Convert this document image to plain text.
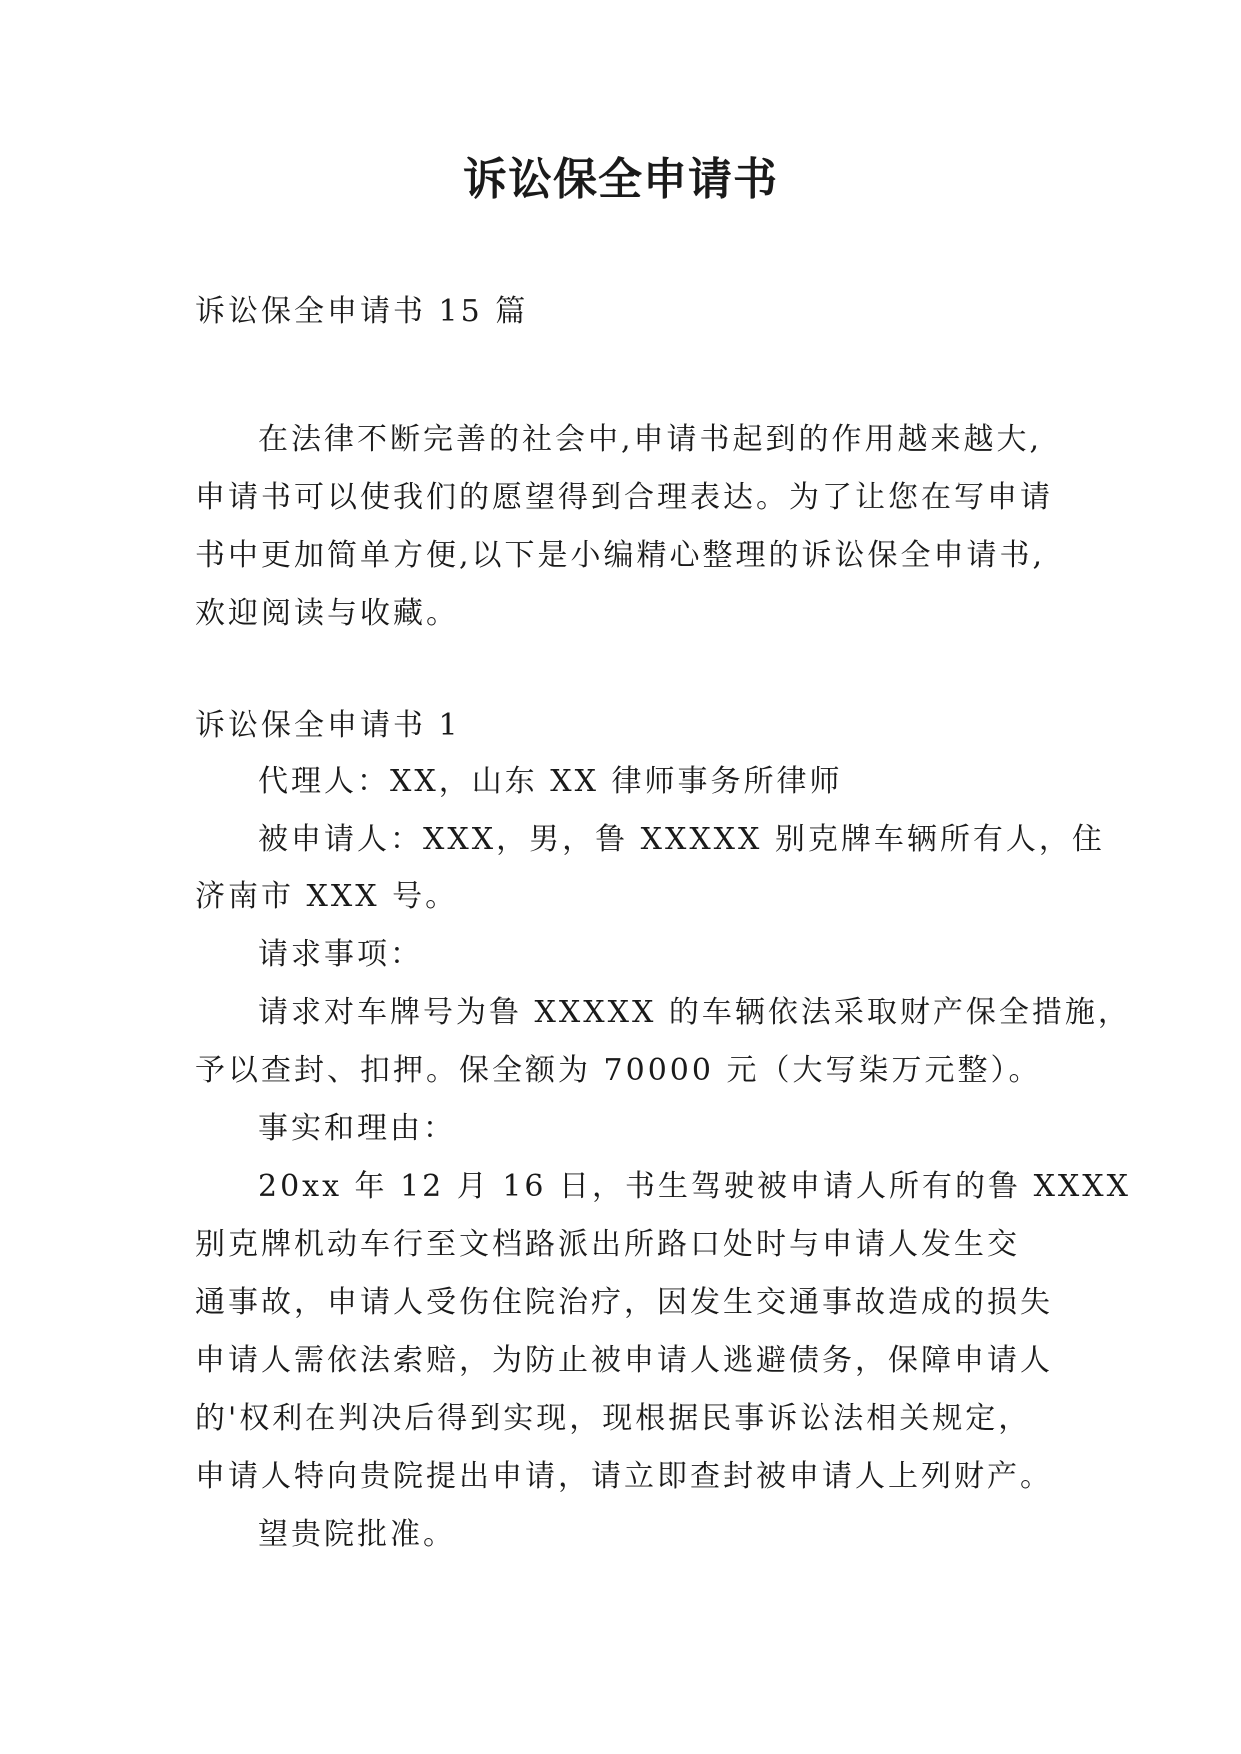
诉讼保全申请书
诉讼保全申请书 15 篇
在法律不断完善的社会中,申请书起到的作用越来越大,
申请书可以使我们的愿望得到合理表达。为了让您在写申请
书中更加简单方便,以下是小编精心整理的诉讼保全申请书,
欢迎阅读与收藏。
诉讼保全申请书 1
代理人：XX，山东 XX 律师事务所律师
被申请人：XXX，男，鲁 XXXXX 别克牌车辆所有人，住
济南市 XXX 号。
请求事项：
请求对车牌号为鲁 XXXXX 的车辆依法采取财产保全措施，
予以查封、扣押。保全额为 70000 元（大写柒万元整）。
事实和理由：
20xx 年 12 月 16 日，书生驾驶被申请人所有的鲁 XXXX
别克牌机动车行至文档路派出所路口处时与申请人发生交
通事故，申请人受伤住院治疗，因发生交通事故造成的损失
申请人需依法索赔，为防止被申请人逃避债务，保障申请人
的'权利在判决后得到实现，现根据民事诉讼法相关规定，
申请人特向贵院提出申请，请立即查封被申请人上列财产。
望贵院批准。
